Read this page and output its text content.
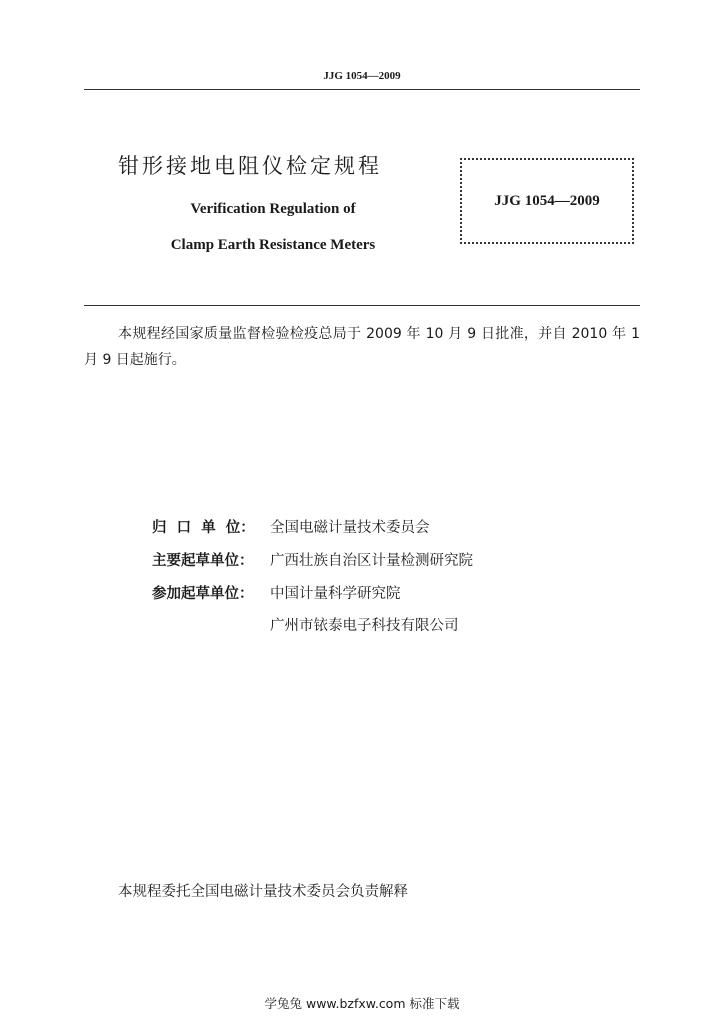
JJG 1054—2009
钳形接地电阻仪检定规程
Verification Regulation of
Clamp Earth Resistance Meters
JJG 1054—2009
本规程经国家质量监督检验检疫总局于 2009 年 10 月 9 日批准，并自 2010 年 1 月 9 日起施行。
归  口  单  位： 全国电磁计量技术委员会
主要起草单位： 广西壮族自治区计量检测研究院
参加起草单位： 中国计量科学研究院
广州市铱泰电子科技有限公司
本规程委托全国电磁计量技术委员会负责解释
学兔兔 www.bzfxw.com 标准下载
